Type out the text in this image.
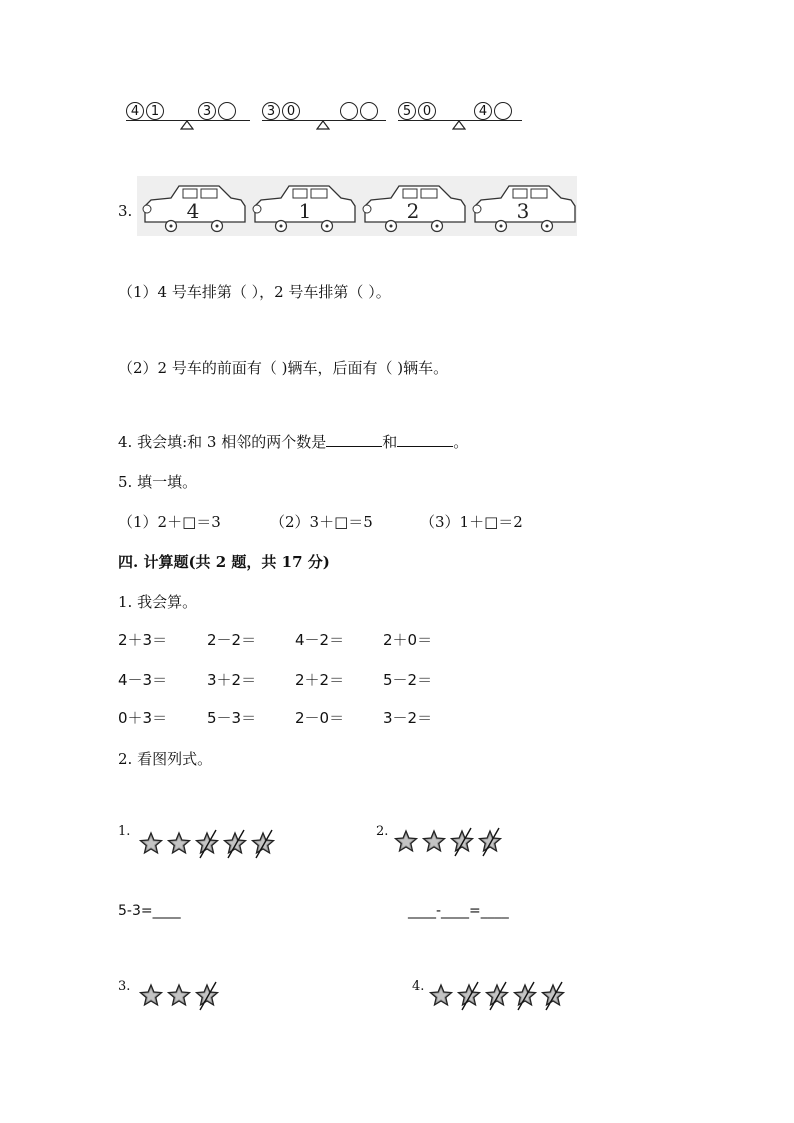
4 1	3	3 0	5 0	4
3.	4	1	2	3
（1）4 号车排第（ ），2 号车排第（ ）。
（2）2 号车的前面有（ )辆车，后面有（ )辆车。
4. 我会填:和 3 相邻的两个数是	和	。
5. 填一填。
（1）2＋□＝3	（2）3＋□＝5	（3）1＋□＝2
四. 计算题(共 2 题，共 17 分)
1. 我会算。
2＋3＝	2－2＝	4－2＝	2＋0＝
4－3＝	3＋2＝	2＋2＝	5－2＝
0＋3＝	5－3＝	2－0＝	3－2＝
2. 看图列式。
1.	2.
5-3=____	____-____=____
3.	4.
